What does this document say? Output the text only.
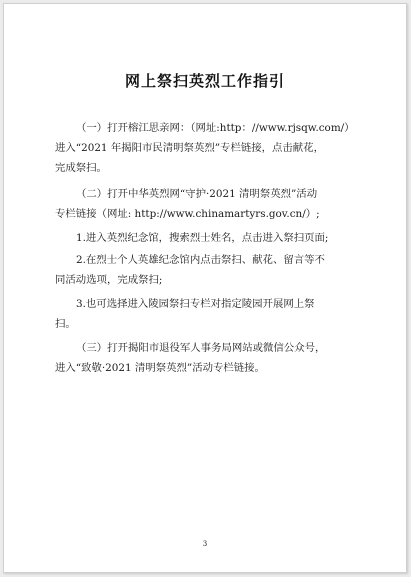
网上祭扫英烈工作指引
（一）打开榕江思亲网：（网址:http：//www.rjsqw.com/）
进入“2021 年揭阳市民清明祭英烈”专栏链接，点击献花，
完成祭扫。
（二）打开中华英烈网“守护·2021 清明祭英烈”活动
专栏链接（网址: http://www.chinamartyrs.gov.cn/）;
1.进入英烈纪念馆，搜索烈士姓名，点击进入祭扫页面;
2.在烈士个人英雄纪念馆内点击祭扫、献花、留言等不
同活动选项，完成祭扫;
3.也可选择进入陵园祭扫专栏对指定陵园开展网上祭
扫。
（三）打开揭阳市退役军人事务局网站或微信公众号，
进入“致敬·2021 清明祭英烈”活动专栏链接。
3
